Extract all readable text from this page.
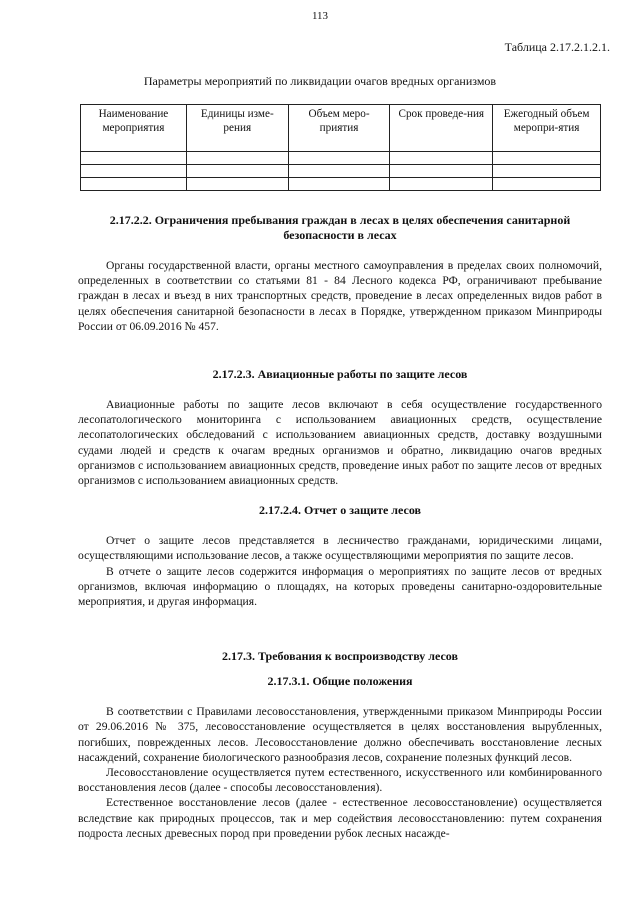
113
Таблица 2.17.2.1.2.1.
Параметры мероприятий по ликвидации очагов вредных организмов
Наименование мероприятия	Единицы изме-рения	Объем меро-приятия	Срок проведе-ния	Ежегодный объем меропри-ятия

2.17.2.2. Ограничения пребывания граждан в лесах в целях обеспечения санитарной безопасности в лесах

Органы государственной власти, органы местного самоуправления в пределах своих полномочий, определенных в соответствии со статьями 81 - 84 Лесного кодекса РФ, ограничивают пребывание граждан в лесах и въезд в них транспортных средств, проведение в лесах определенных видов работ в целях обеспечения санитарной безопасности в лесах в Порядке, утвержденном приказом Минприроды России от 06.09.2016 № 457.

2.17.2.3. Авиационные работы по защите лесов

Авиационные работы по защите лесов включают в себя осуществление государственного лесопатологического мониторинга с использованием авиационных средств, осуществление лесопатологических обследований с использованием авиационных средств, доставку воздушными судами людей и средств к очагам вредных организмов и обратно, ликвидацию очагов вредных организмов с использованием авиационных средств, проведение иных работ по защите лесов от вредных организмов с использованием авиационных средств.

2.17.2.4. Отчет о защите лесов

Отчет о защите лесов представляется в лесничество гражданами, юридическими лицами, осуществляющими использование лесов, а также осуществляющими мероприятия по защите лесов.

В отчете о защите лесов содержится информация о мероприятиях по защите лесов от вредных организмов, включая информацию о площадях, на которых проведены санитарно-оздоровительные мероприятия, и другая информация.

2.17.3. Требования к воспроизводству лесов
2.17.3.1. Общие положения

В соответствии с Правилами лесовосстановления, утвержденными приказом Минприроды России от 29.06.2016 № 375, лесовосстановление осуществляется в целях восстановления вырубленных, погибших, поврежденных лесов. Лесовосстановление должно обеспечивать восстановление лесных насаждений, сохранение биологического разнообразия лесов, сохранение полезных функций лесов.

Лесовосстановление осуществляется путем естественного, искусственного или комбинированного восстановления лесов (далее - способы лесовосстановления).

Естественное восстановление лесов (далее - естественное лесовосстановление) осуществляется вследствие как природных процессов, так и мер содействия лесовосстановлению: путем сохранения подроста лесных древесных пород при проведении рубок лесных насажде-
